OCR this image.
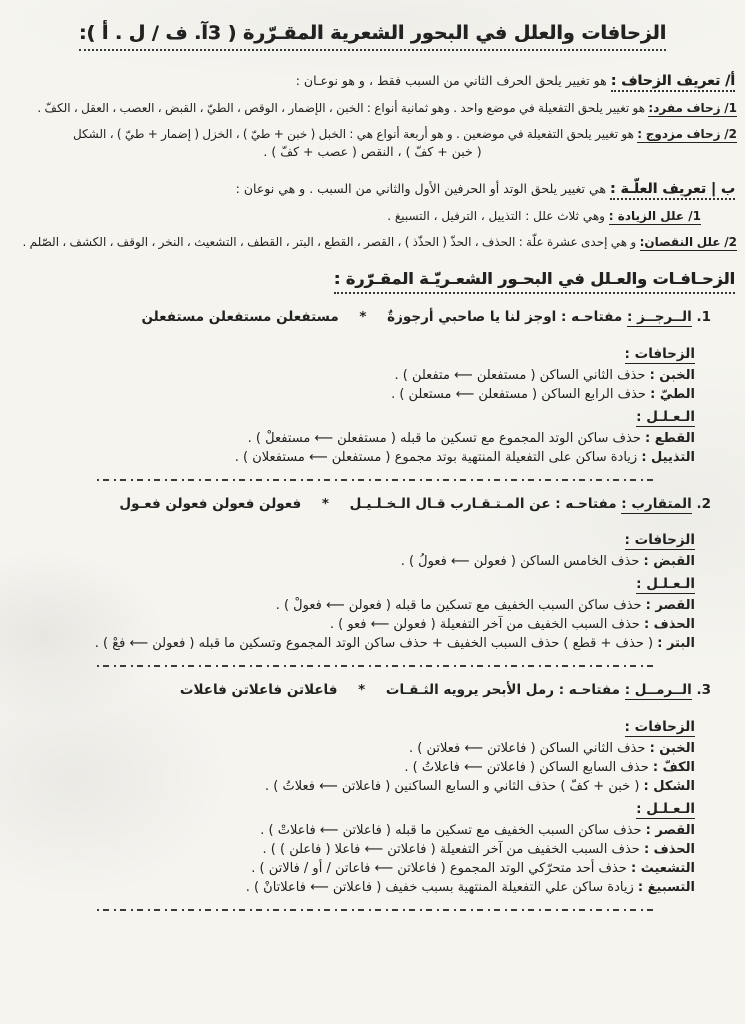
الزحافات والعلل في البحور الشعرية المقـرّرة ( 3آ. ف / ل . أ ):

أ/ تعريف الزحاف : هو تغيير يلحق الحرف الثاني من السبب فقط ، و هو نوعـان :

1/ زحاف مفرد: هو تغيير يلحق التفعيلة في موضع واحد . وهو ثمانية أنواع : الخبن ، الإضمار ، الوقص ، الطيّ ، القبض ، العصب ، العقل ، الكفّ .

2/ زحاف مزدوج : هو تغيير يلحق التفعيلة في موضعين . و هو أربعة أنواع هي : الخبل ( خبن + طيّ ) ، الخزل ( إضمار + طيّ ) ، الشكل

( خبن + كفّ ) ، النقص ( عصب + كفّ ) .

ب | تعريف العلّـة : هي تغيير يلحق الوتد أو الحرفين الأول والثاني من السبب . و هي نوعان :

1/ علل الزيادة : وهي ثلاث علل : التذييل ، الترفيل ، التسبيغ .

2/ علل النقصان: و هي إحدى عشرة علّة : الحذف ، الحذّ ( الحذّذ ) ، القصر ، القطع ، البتر ، القطف ، التشعيث ، النخر ، الوقف ، الكشف ، الصّلم .

الزحـافـات والعـلل في البحـور الشعـريّـة المقـرّرة :

1. الــرجــز : مفتاحـه : اوجز لنا يا صاحبي أرجوزةٌ * مستفعلن مستفعلن مستفعلن

الزحافات :

الخبن : حذف الثاني الساكن ( مستفعلن ⟵ متفعلن ) .

الطيّ : حذف الرابع الساكن ( مستفعلن ⟵ مستعلن ) .

الـعـلـل :

القطع : حذف ساكن الوتد المجموع مع تسكين ما قبله ( مستفعلن ⟵ مستفعلْ ) .

التذييل : زيادة ساكن على التفعيلة المنتهية بوتد مجموع ( مستفعلن ⟵ مستفعلان ) .

2. المتقارب : مفتاحـه : عن المـتـقـارب قـال الـخـلـيـل * فعولن فعولن فعولن فعـول

الزحافات :

القبض : حذف الخامس الساكن ( فعولن ⟵ فعولُ ) .

الـعـلـل :

القصر : حذف ساكن السبب الخفيف مع تسكين ما قبله ( فعولن ⟵ فعولْ ) .

الحذف : حذف السبب الخفيف من آخر التفعيلة ( فعولن ⟵ فعو ) .

البتر : ( حذف + قطع ) حذف السبب الخفيف + حذف ساكن الوتد المجموع وتسكين ما قبله ( فعولن ⟵ فعْ ) .

3. الــرمــل : مفتاحـه : رمل الأبحر يرويه الثـقـات * فاعلاتن فاعلاتن فاعلات

الزحافات :

الخبن : حذف الثاني الساكن ( فاعلاتن ⟵ فعلاتن ) .

الكفّ : حذف السابع الساكن ( فاعلاتن ⟵ فاعلاتُ ) .

الشكل : ( خبن + كفّ ) حذف الثاني و السابع الساكنين ( فاعلاتن ⟵ فعلاتُ ) .

الـعـلـل :

القصر : حذف ساكن السبب الخفيف مع تسكين ما قبله ( فاعلاتن ⟵ فاعلاتْ ) .

الحذف : حذف السبب الخفيف من آخر التفعيلة ( فاعلاتن ⟵ فاعلا ( فاعلن ) ) .

التشعيث : حذف أحد متحرّكي الوتد المجموع ( فاعلاتن ⟵ فاعاتن / أو / فالاتن ) .

التسبيغ : زيادة ساكن علي التفعيلة المنتهية بسبب خفيف ( فاعلاتن ⟵ فاعلاتانْ ) .
